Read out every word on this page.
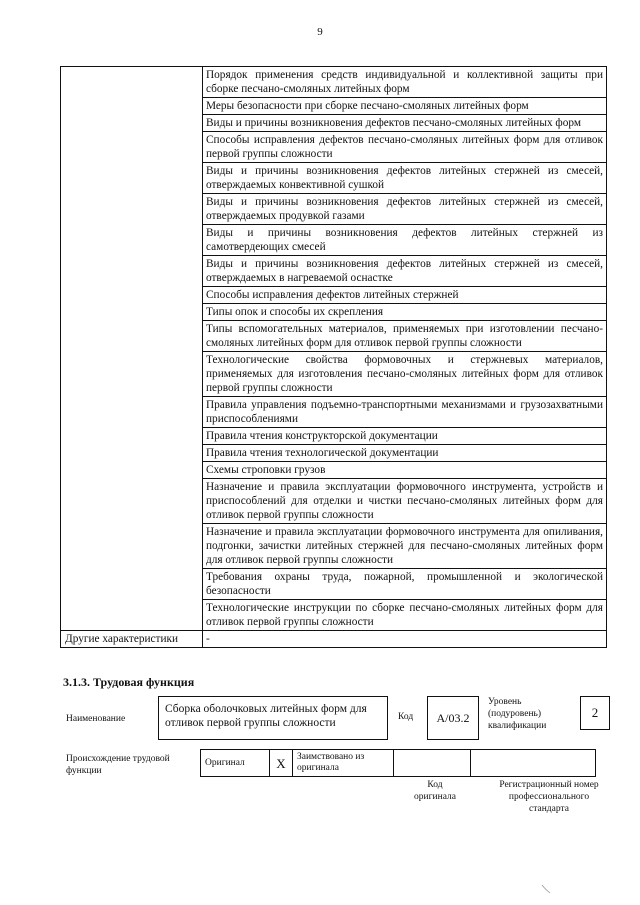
9
	Порядок применения средств индивидуальной и коллективной защиты при сборке песчано-смоляных литейных форм
	Меры безопасности при сборке песчано-смоляных литейных форм
	Виды и причины возникновения дефектов песчано-смоляных литейных форм
	Способы исправления дефектов песчано-смоляных литейных форм для отливок первой группы сложности
	Виды и причины возникновения дефектов литейных стержней из смесей, отверждаемых конвективной сушкой
	Виды и причины возникновения дефектов литейных стержней из смесей, отверждаемых продувкой газами
	Виды и причины возникновения дефектов литейных стержней из самотвердеющих смесей
	Виды и причины возникновения дефектов литейных стержней из смесей, отверждаемых в нагреваемой оснастке
	Способы исправления дефектов литейных стержней
	Типы опок и способы их скрепления
	Типы вспомогательных материалов, применяемых при изготовлении песчано-смоляных литейных форм для отливок первой группы сложности
	Технологические свойства формовочных и стержневых материалов, применяемых для изготовления песчано-смоляных литейных форм для отливок первой группы сложности
	Правила управления подъемно-транспортными механизмами и грузозахватными приспособлениями
	Правила чтения конструкторской документации
	Правила чтения технологической документации
	Схемы строповки грузов
	Назначение и правила эксплуатации формовочного инструмента, устройств и приспособлений для отделки и чистки песчано-смоляных литейных форм для отливок первой группы сложности
	Назначение и правила эксплуатации формовочного инструмента для опиливания, подгонки, зачистки литейных стержней для песчано-смоляных литейных форм для отливок первой группы сложности
	Требования охраны труда, пожарной, промышленной и экологической безопасности
	Технологические инструкции по сборке песчано-смоляных литейных форм для отливок первой группы сложности
Другие характеристики	-
3.1.3. Трудовая функция
Наименование
Сборка оболочковых литейных форм для отливок первой группы сложности	Код	А/03.2
Уровень (подуровень) квалификации
2
Происхождение трудовой функции
Оригинал	X	Заимствовано из оригинала		
Код оригинала
Регистрационный номер профессионального стандарта
